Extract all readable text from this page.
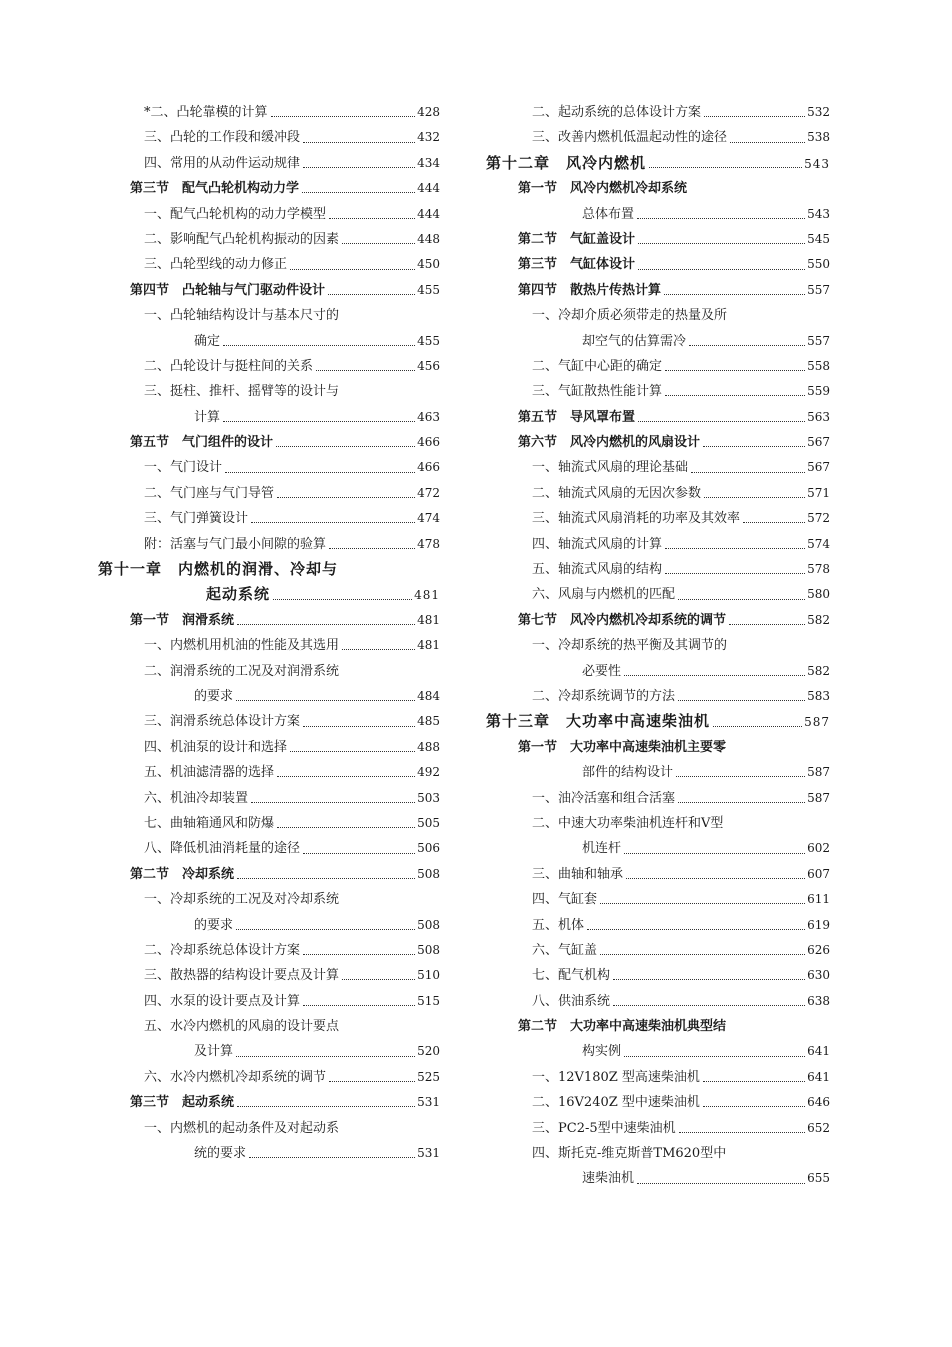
*二、凸轮靠模的计算	428
三、凸轮的工作段和缓冲段	432
四、常用的从动件运动规律	434
第三节　配气凸轮机构动力学	444
一、配气凸轮机构的动力学模型	444
二、影响配气凸轮机构振动的因素	448
三、凸轮型线的动力修正	450
第四节　凸轮轴与气门驱动件设计	455
一、凸轮轴结构设计与基本尺寸的
确定	455
二、凸轮设计与挺柱间的关系	456
三、挺柱、推杆、摇臂等的设计与
计算	463
第五节　气门组件的设计	466
一、气门设计	466
二、气门座与气门导管	472
三、气门弹簧设计	474
附：活塞与气门最小间隙的验算	478
第十一章　内燃机的润滑、冷却与
起动系统	481
第一节　润滑系统	481
一、内燃机用机油的性能及其选用	481
二、润滑系统的工况及对润滑系统
的要求	484
三、润滑系统总体设计方案	485
四、机油泵的设计和选择	488
五、机油滤清器的选择	492
六、机油冷却装置	503
七、曲轴箱通风和防爆	505
八、降低机油消耗量的途径	506
第二节　冷却系统	508
一、冷却系统的工况及对冷却系统
的要求	508
二、冷却系统总体设计方案	508
三、散热器的结构设计要点及计算	510
四、水泵的设计要点及计算	515
五、水冷内燃机的风扇的设计要点
及计算	520
六、水冷内燃机冷却系统的调节	525
第三节　起动系统	531
一、内燃机的起动条件及对起动系
统的要求	531
二、起动系统的总体设计方案	532
三、改善内燃机低温起动性的途径	538
第十二章　风冷内燃机	543
第一节　风冷内燃机冷却系统
总体布置	543
第二节　气缸盖设计	545
第三节　气缸体设计	550
第四节　散热片传热计算	557
一、冷却介质必须带走的热量及所
却空气的估算需冷	557
二、气缸中心距的确定	558
三、气缸散热性能计算	559
第五节　导风罩布置	563
第六节　风冷内燃机的风扇设计	567
一、轴流式风扇的理论基础	567
二、轴流式风扇的无因次参数	571
三、轴流式风扇消耗的功率及其效率	572
四、轴流式风扇的计算	574
五、轴流式风扇的结构	578
六、风扇与内燃机的匹配	580
第七节　风冷内燃机冷却系统的调节	582
一、冷却系统的热平衡及其调节的
必要性	582
二、冷却系统调节的方法	583
第十三章　大功率中高速柴油机	587
第一节　大功率中高速柴油机主要零
部件的结构设计	587
一、油冷活塞和组合活塞	587
二、中速大功率柴油机连杆和V型
机连杆	602
三、曲轴和轴承	607
四、气缸套	611
五、机体	619
六、气缸盖	626
七、配气机构	630
八、供油系统	638
第二节　大功率中高速柴油机典型结
构实例	641
一、12V180Z 型高速柴油机	641
二、16V240Z 型中速柴油机	646
三、PC2-5型中速柴油机	652
四、斯托克-维克斯普TM620型中
速柴油机	655
